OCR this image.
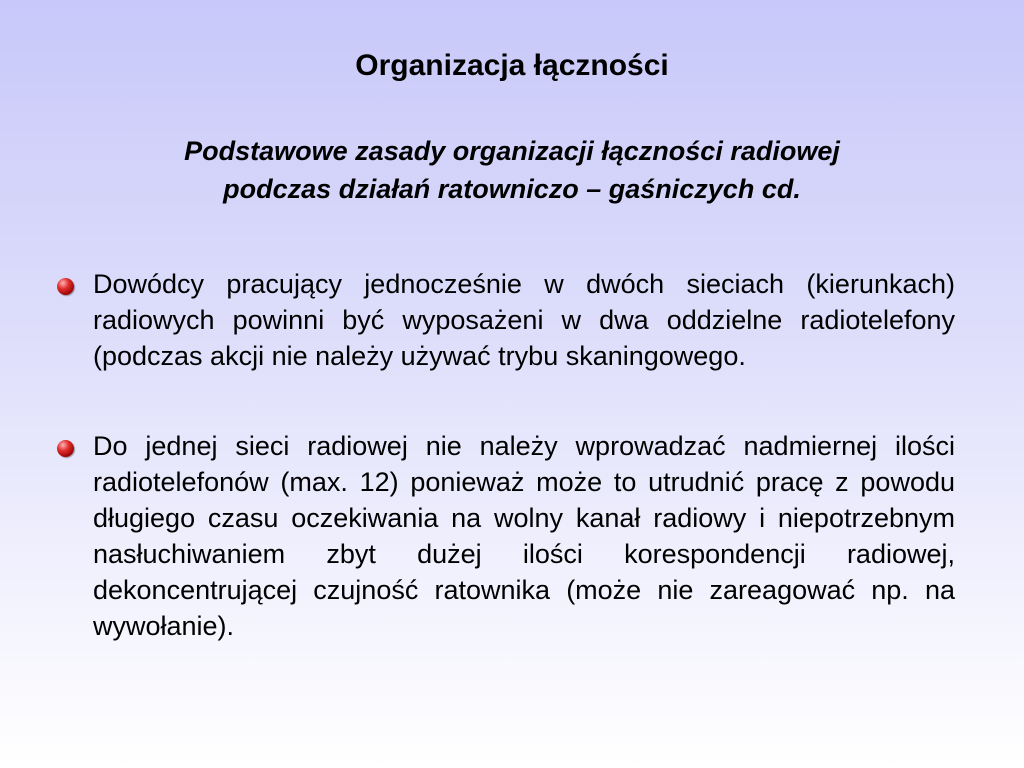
Organizacja łączności
Podstawowe zasady organizacji łączności radiowej
podczas działań ratowniczo – gaśniczych cd.
Dowódcy pracujący jednocześnie w dwóch sieciach (kierunkach) radiowych powinni być wyposażeni w dwa oddzielne radiotelefony (podczas akcji nie należy używać trybu skaningowego.
Do jednej sieci radiowej nie należy wprowadzać nadmiernej ilości radiotelefonów (max. 12) ponieważ może to utrudnić pracę z powodu długiego czasu oczekiwania na wolny kanał radiowy i niepotrzebnym nasłuchiwaniem zbyt dużej ilości korespondencji radiowej, dekoncentrującej czujność ratownika (może nie zareagować np. na wywołanie).
